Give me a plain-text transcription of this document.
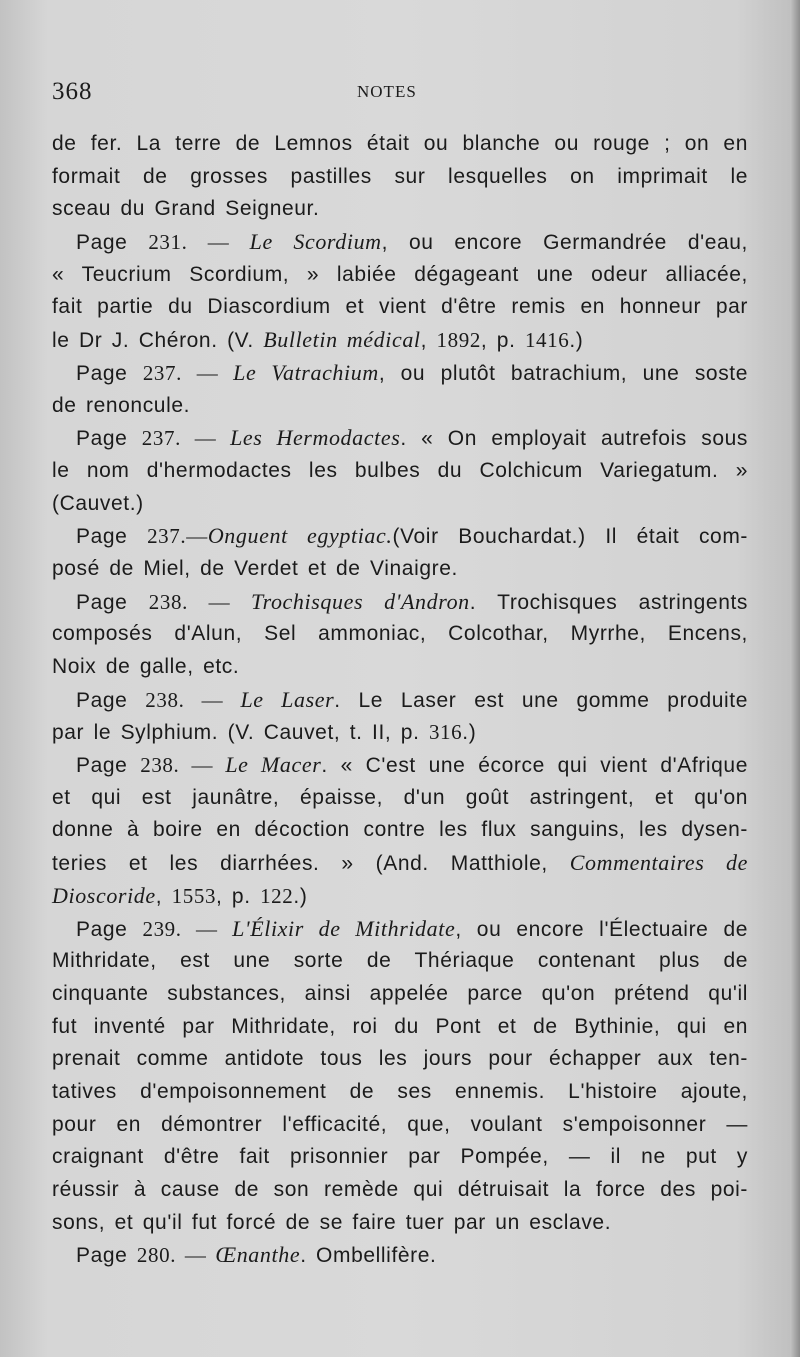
368	NOTES
de fer. La terre de Lemnos était ou blanche ou rouge ; on en
formait de grosses pastilles sur lesquelles on imprimait le
sceau du Grand Seigneur.
Page 231. — Le Scordium, ou encore Germandrée d'eau,
« Teucrium Scordium, » labiée dégageant une odeur alliacée,
fait partie du Diascordium et vient d'être remis en honneur par
le Dr J. Chéron. (V. Bulletin médical, 1892, p. 1416.)
Page 237. — Le Vatrachium, ou plutôt batrachium, une soste
de renoncule.
Page 237. — Les Hermodactes. « On employait autrefois sous
le nom d'hermodactes les bulbes du Colchicum Variegatum. »
(Cauvet.)
Page 237.—Onguent egyptiac.(Voir Bouchardat.) Il était com-
posé de Miel, de Verdet et de Vinaigre.
Page 238. — Trochisques d'Andron. Trochisques astringents
composés d'Alun, Sel ammoniac, Colcothar, Myrrhe, Encens,
Noix de galle, etc.
Page 238. — Le Laser. Le Laser est une gomme produite
par le Sylphium. (V. Cauvet, t. II, p. 316.)
Page 238. — Le Macer. « C'est une écorce qui vient d'Afrique
et qui est jaunâtre, épaisse, d'un goût astringent, et qu'on
donne à boire en décoction contre les flux sanguins, les dysen-
teries et les diarrhées. » (And. Matthiole, Commentaires de
Dioscoride, 1553, p. 122.)
Page 239. — L'Élixir de Mithridate, ou encore l'Électuaire de
Mithridate, est une sorte de Thériaque contenant plus de
cinquante substances, ainsi appelée parce qu'on prétend qu'il
fut inventé par Mithridate, roi du Pont et de Bythinie, qui en
prenait comme antidote tous les jours pour échapper aux ten-
tatives d'empoisonnement de ses ennemis. L'histoire ajoute,
pour en démontrer l'efficacité, que, voulant s'empoisonner —
craignant d'être fait prisonnier par Pompée, — il ne put y
réussir à cause de son remède qui détruisait la force des poi-
sons, et qu'il fut forcé de se faire tuer par un esclave.
Page 280. — Œnanthe. Ombellifère.
